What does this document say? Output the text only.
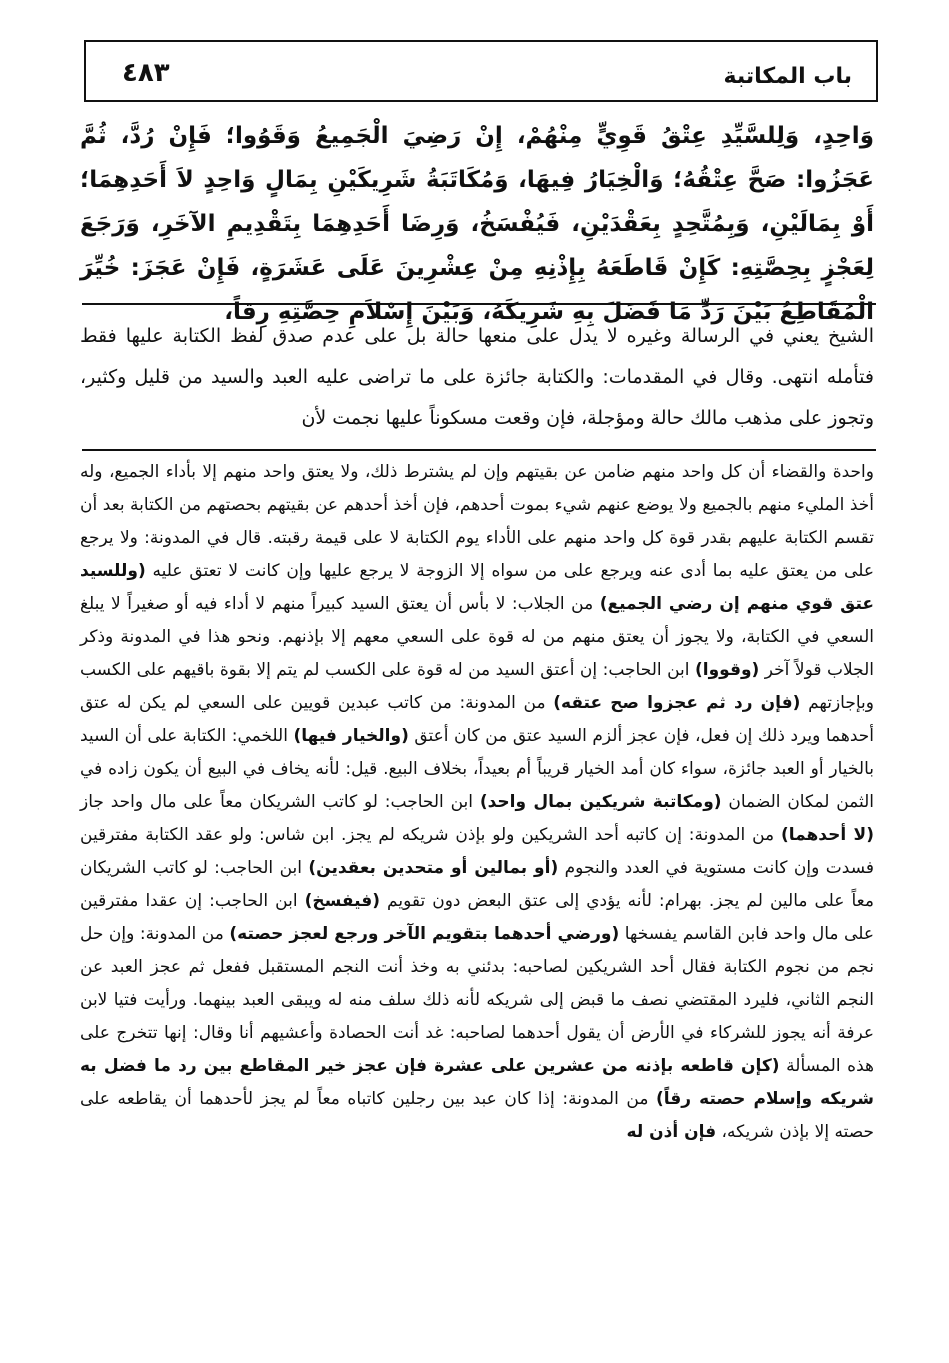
باب المكاتبة
٤٨٣

وَاحِدٍ، وَلِلسَّيِّدِ عِتْقُ قَوِيٍّ مِنْهُمْ، إِنْ رَضِيَ الْجَمِيعُ وَقَوُوا؛ فَإِنْ رُدَّ، ثُمَّ عَجَزُوا: صَحَّ عِتْقُهُ؛ وَالْخِيَارُ فِيهَا، وَمُكَاتَبَةُ شَرِيكَيْنِ بِمَالٍ وَاحِدٍ لاَ أَحَدِهِمَا؛ أَوْ بِمَالَيْنِ، وَبِمُتَّحِدٍ بِعَقْدَيْنِ، فَيُفْسَخُ، وَرِضَا أَحَدِهِمَا بِتَقْدِيمِ الآخَرِ، وَرَجَعَ لِعَجْزٍ بِحِصَّتِهِ: كَإِنْ قَاطَعَهُ بِإِذْنِهِ مِنْ عِشْرِينَ عَلَى عَشَرَةٍ، فَإِنْ عَجَزَ: خُيِّرَ الْمُقَاطِعُ بَيْنَ رَدِّ مَا فَضَلَ بِهِ شَرِيكَهُ، وَبَيْنَ إِسْلاَمِ حِصَّتِهِ رِقاً،

الشيخ يعني في الرسالة وغيره لا يدل على منعها حالة بل على عدم صدق لفظ الكتابة عليها فقط فتأمله انتهى. وقال في المقدمات: والكتابة جائزة على ما تراضى عليه العبد والسيد من قليل وكثير، وتجوز على مذهب مالك حالة ومؤجلة، فإن وقعت مسكوناً عليها نجمت لأن

واحدة والقضاء أن كل واحد منهم ضامن عن بقيتهم وإن لم يشترط ذلك، ولا يعتق واحد منهم إلا بأداء الجميع، وله أخذ المليء منهم بالجميع ولا يوضع عنهم شيء بموت أحدهم، فإن أخذ أحدهم عن بقيتهم بحصتهم من الكتابة بعد أن تقسم الكتابة عليهم بقدر قوة كل واحد منهم على الأداء يوم الكتابة لا على قيمة رقبته. قال في المدونة: ولا يرجع على من يعتق عليه بما أدى عنه ويرجع على من سواه إلا الزوجة لا يرجع عليها وإن كانت لا تعتق عليه (وللسيد عتق قوي منهم إن رضي الجميع) من الجلاب: لا بأس أن يعتق السيد كبيراً منهم لا أداء فيه أو صغيراً لا يبلغ السعي في الكتابة، ولا يجوز أن يعتق منهم من له قوة على السعي معهم إلا بإذنهم. ونحو هذا في المدونة وذكر الجلاب قولاً آخر (وقووا) ابن الحاجب: إن أعتق السيد من له قوة على الكسب لم يتم إلا بقوة باقيهم على الكسب وبإجازتهم (فإن رد ثم عجزوا صح عتقه) من المدونة: من كاتب عبدين قويين على السعي لم يكن له عتق أحدهما ويرد ذلك إن فعل، فإن عجز ألزم السيد عتق من كان أعتق (والخيار فيها) اللخمي: الكتابة على أن السيد بالخيار أو العبد جائزة، سواء كان أمد الخيار قريباً أم بعيداً، بخلاف البيع. قيل: لأنه يخاف في البيع أن يكون زاده في الثمن لمكان الضمان (ومكاتبة شريكين بمال واحد) ابن الحاجب: لو كاتب الشريكان معاً على مال واحد جاز (لا أحدهما) من المدونة: إن كاتبه أحد الشريكين ولو بإذن شريكه لم يجز. ابن شاس: ولو عقد الكتابة مفترقين فسدت وإن كانت مستوية في العدد والنجوم (أو بمالين أو متحدين بعقدين) ابن الحاجب: لو كاتب الشريكان معاً على مالين لم يجز. بهرام: لأنه يؤدي إلى عتق البعض دون تقويم (فيفسخ) ابن الحاجب: إن عقدا مفترقين على مال واحد فابن القاسم يفسخها (ورضي أحدهما بتقويم الآخر ورجع لعجز حصته) من المدونة: وإن حل نجم من نجوم الكتابة فقال أحد الشريكين لصاحبه: بدئني به وخذ أنت النجم المستقبل ففعل ثم عجز العبد عن النجم الثاني، فليرد المقتضي نصف ما قبض إلى شريكه لأنه ذلك سلف منه له ويبقى العبد بينهما. ورأيت فتيا لابن عرفة أنه يجوز للشركاء في الأرض أن يقول أحدهما لصاحبه: غد أنت الحصادة وأعشيهم أنا وقال: إنها تتخرج على هذه المسألة (كإن قاطعه بإذنه من عشرين على عشرة فإن عجز خير المقاطع بين رد ما فضل به شريكه وإسلام حصته رقاً) من المدونة: إذا كان عبد بين رجلين كاتباه معاً لم يجز لأحدهما أن يقاطعه على حصته إلا بإذن شريكه، فإن أذن له
